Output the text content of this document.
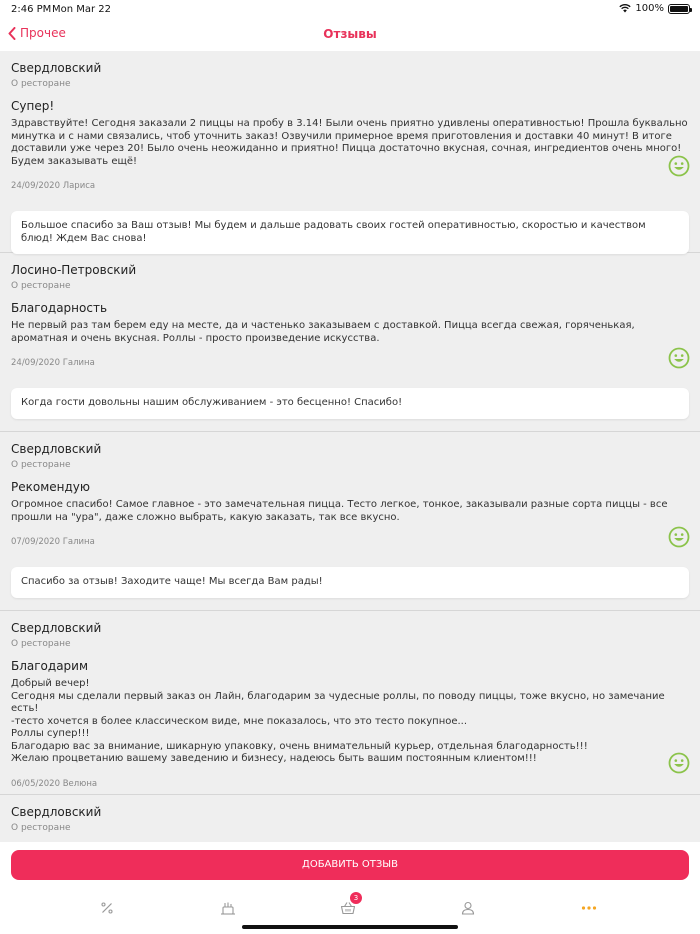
2:46 PM Mon Mar 22	100%
Прочее	Отзывы
Свердловский
О ресторане
Супер!
Здравствуйте! Сегодня заказали 2 пиццы на пробу в 3.14! Были очень приятно удивлены оперативностью! Прошла буквально минутка и с нами связались, чтоб уточнить заказ! Озвучили примерное время приготовления и доставки 40 минут! В итоге доставили уже через 20! Было очень неожиданно и приятно! Пицца достаточно вкусная, сочная, ингредиентов очень много! Будем заказывать ещё!
24/09/2020 Лариса
Большое спасибо за Ваш отзыв! Мы будем и дальше радовать своих гостей оперативностью, скоростью и качеством блюд! Ждем Вас снова!
Лосино-Петровский
О ресторане
Благодарность
Не первый раз там берем еду на месте, да и частенько заказываем с доставкой. Пицца всегда свежая, горяченькая, ароматная и очень вкусная. Роллы - просто произведение искусства.
24/09/2020 Галина
Когда гости довольны нашим обслуживанием - это бесценно! Спасибо!
Свердловский
О ресторане
Рекомендую
Огромное спасибо! Самое главное - это замечательная пицца. Тесто легкое, тонкое, заказывали разные сорта пиццы - все прошли на "ура", даже сложно выбрать, какую заказать, так все вкусно.
07/09/2020 Галина
Спасибо за отзыв! Заходите чаще! Мы всегда Вам рады!
Свердловский
О ресторане
Благодарим
Добрый вечер!
Сегодня мы сделали первый заказ он Лайн, благодарим за чудесные роллы, по поводу пиццы, тоже вкусно, но замечание есть!
-тесто хочется в более классическом виде, мне показалось, что это тесто покупное...
Роллы супер!!!
Благодарю вас за внимание, шикарную упаковку, очень внимательный курьер, отдельная благодарность!!!
Желаю процветанию вашему заведению и бизнесу, надеюсь быть вашим постоянным клиентом!!!
06/05/2020 Велюна
Свердловский
О ресторане
ДОБАВИТЬ ОТЗЫВ
3
